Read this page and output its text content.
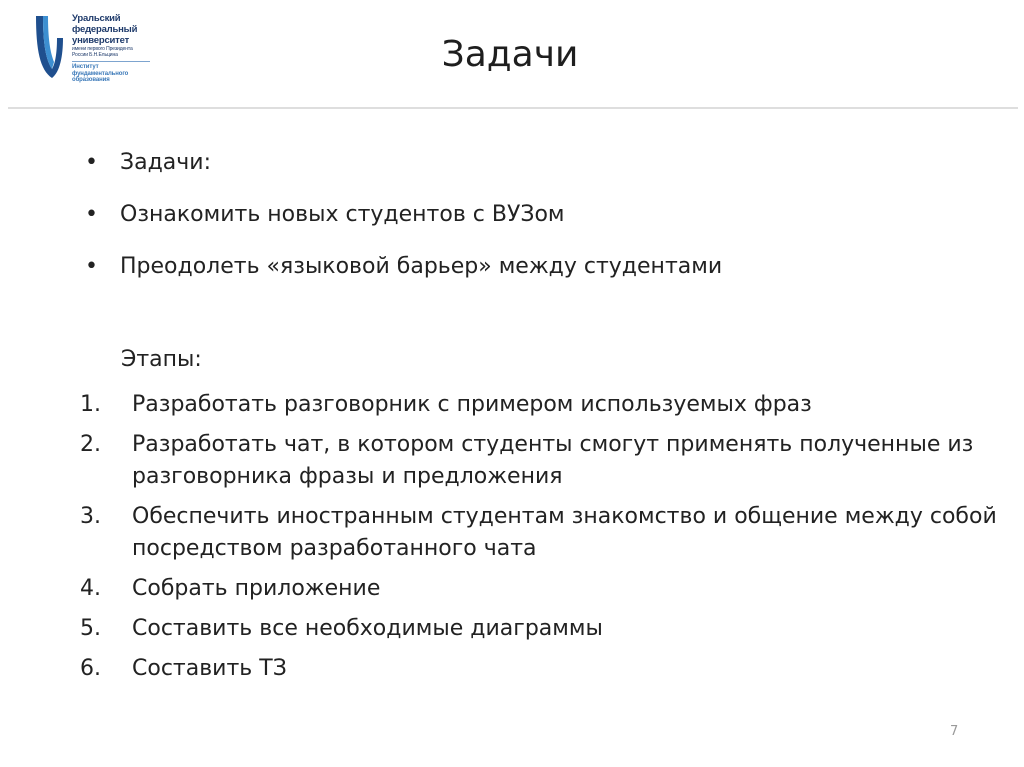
Уральский
федеральный
университет
имени первого Президента
России Б.Н.Ельцина
Институт
фундаментального
образования
Задачи
• Задачи:
• Ознакомить новых студентов с ВУЗом
• Преодолеть «языковой барьер» между студентами
Этапы:
1. Разработать разговорник с примером используемых фраз
2. Разработать чат, в котором студенты смогут применять полученные из разговорника фразы и предложения
3. Обеспечить иностранным студентам знакомство и общение между собой посредством разработанного чата
4. Собрать приложение
5. Составить все необходимые диаграммы
6. Составить ТЗ
7
